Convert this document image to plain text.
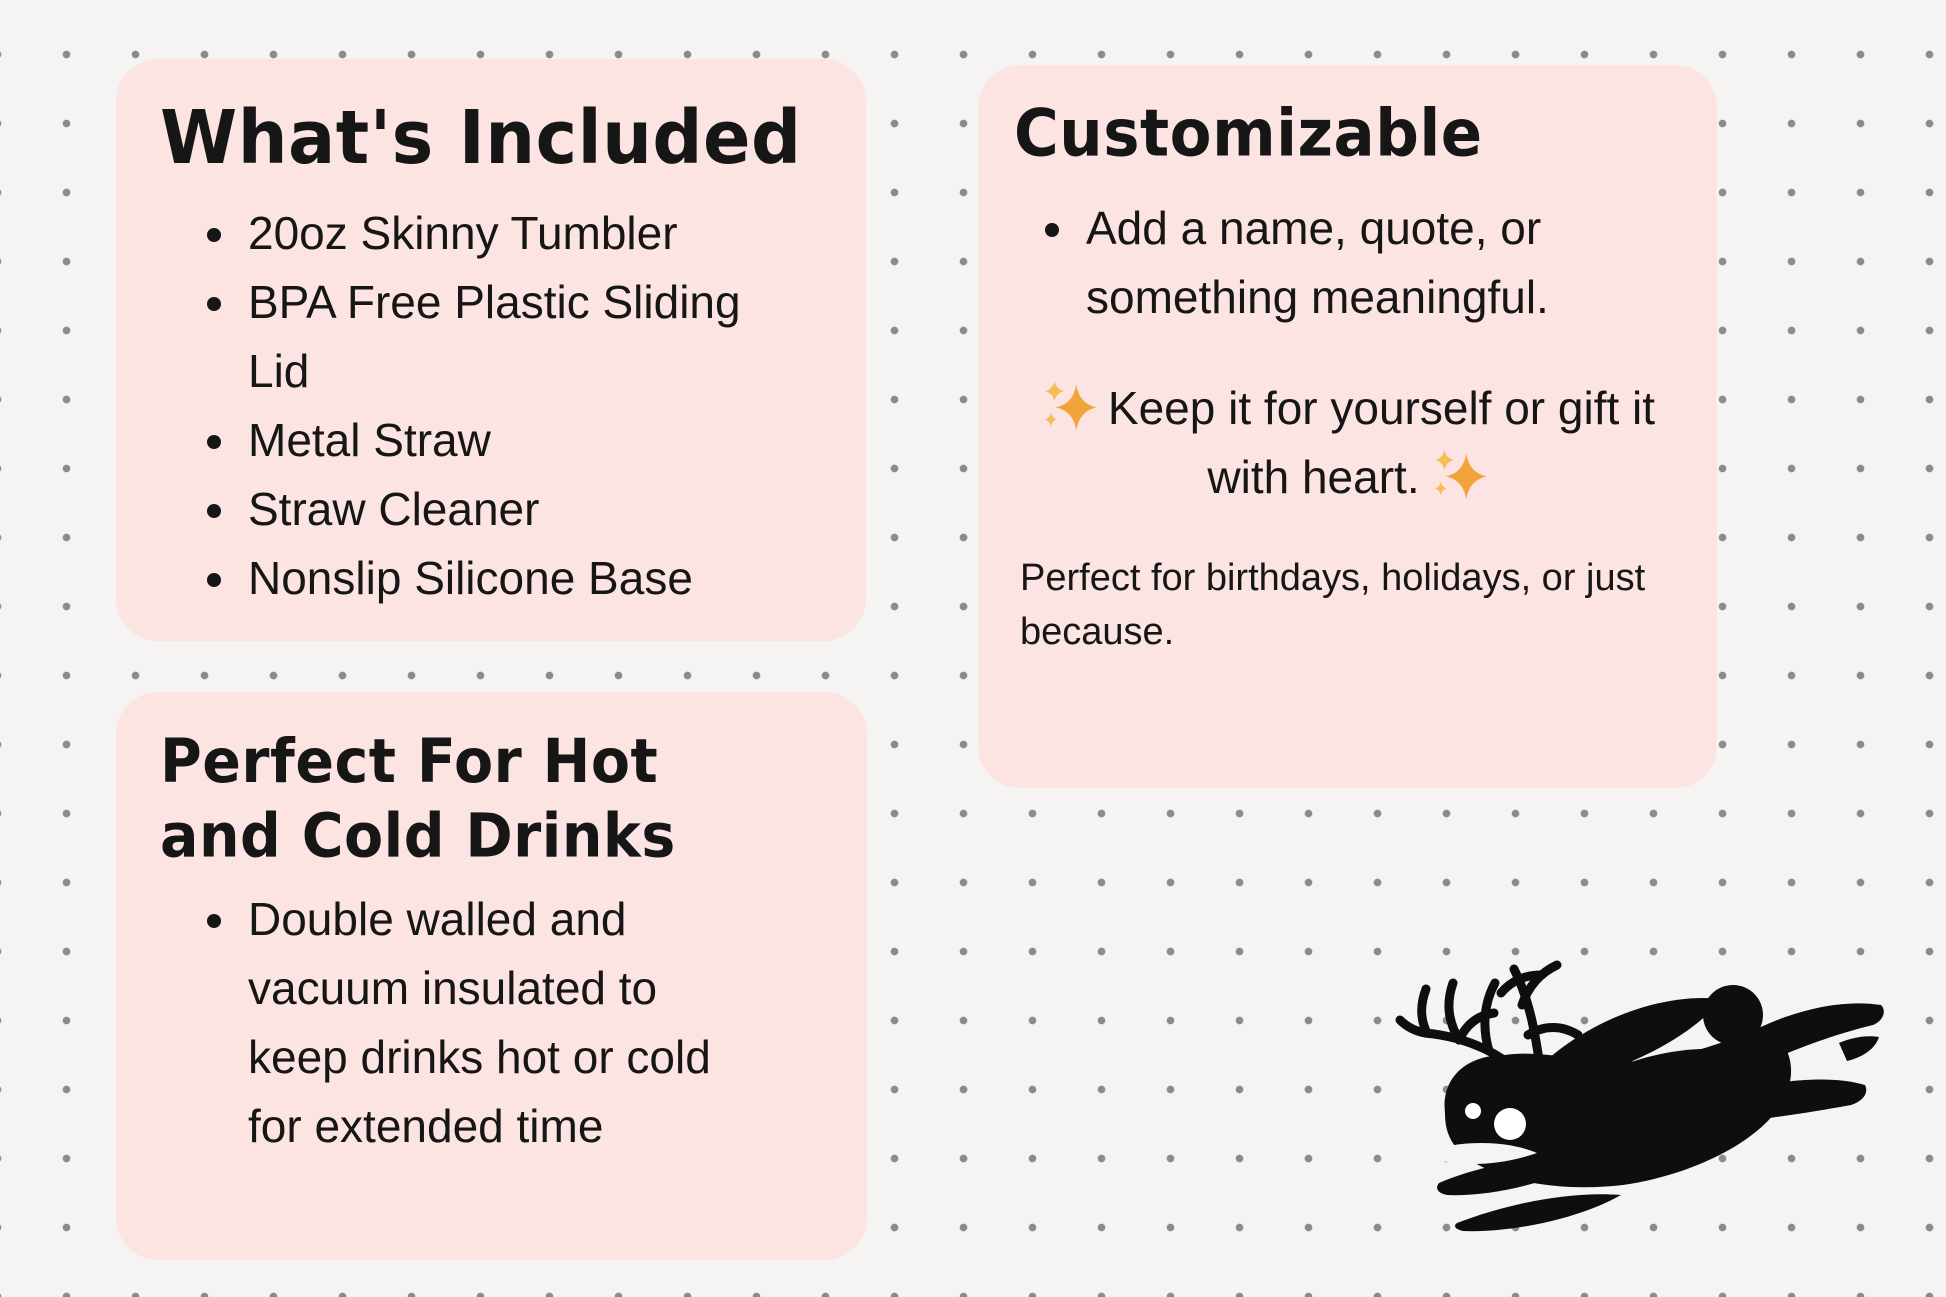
What's Included
• 20oz Skinny Tumbler
• BPA Free Plastic Sliding Lid
• Metal Straw
• Straw Cleaner
• Nonslip Silicone Base
Perfect For Hot and Cold Drinks
• Double walled and vacuum insulated to keep drinks hot or cold for extended time
Customizable
• Add a name, quote, or something meaningful.

Keep it for yourself or gift it with heart.

Perfect for birthdays, holidays, or just because.
